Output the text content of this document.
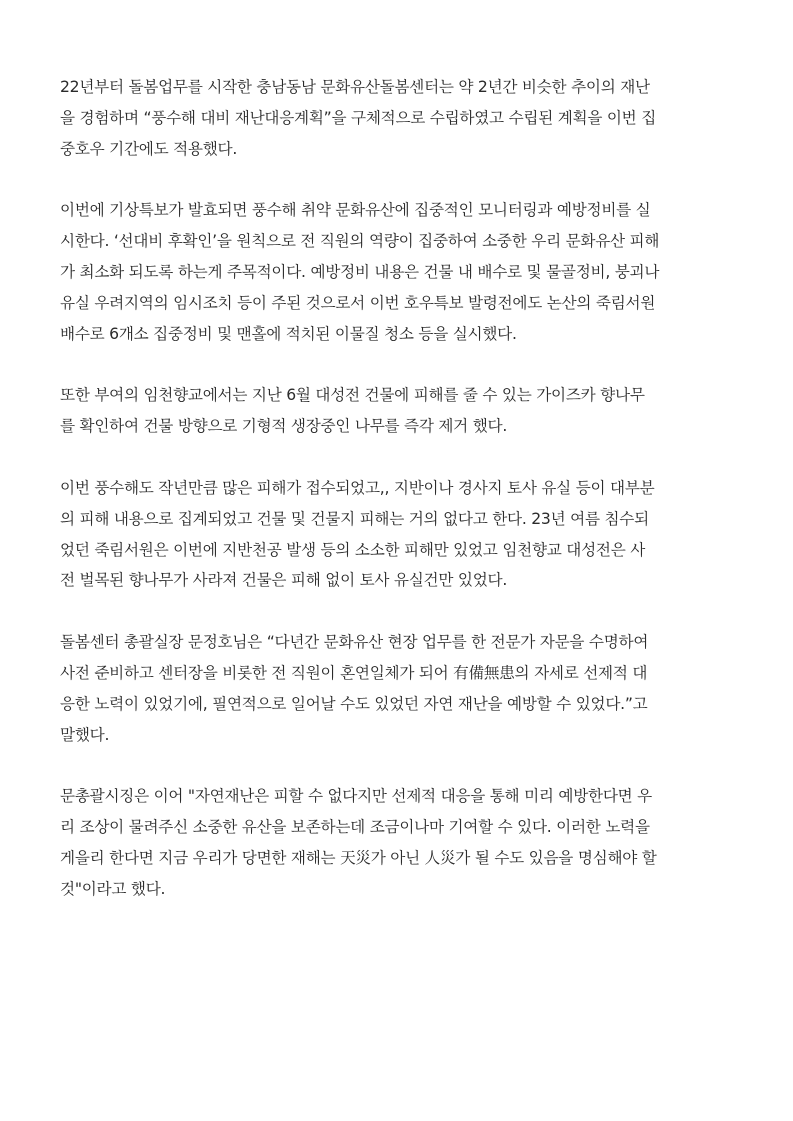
22년부터 돌봄업무를 시작한 충남동남 문화유산돌봄센터는 약 2년간 비슷한 추이의 재난
을 경험하며 “풍수해 대비 재난대응계획”을 구체적으로 수립하였고 수립된 계획을 이번 집
중호우 기간에도 적용했다.

이번에 기상특보가 발효되면 풍수해 취약 문화유산에 집중적인 모니터링과 예방정비를 실
시한다. ‘선대비 후확인’을 원칙으로 전 직원의 역량이 집중하여 소중한 우리 문화유산 피해
가 최소화 되도록 하는게 주목적이다. 예방정비 내용은 건물 내 배수로 및 물골정비, 붕괴나
유실 우려지역의 임시조치 등이 주된 것으로서 이번 호우특보 발령전에도 논산의 죽림서원
배수로 6개소 집중정비 및 맨홀에 적치된 이물질 청소 등을 실시했다.

또한 부여의 임천향교에서는 지난 6월 대성전 건물에 피해를 줄 수 있는 가이즈카 향나무
를 확인하여 건물 방향으로 기형적 생장중인 나무를 즉각 제거 했다.

이번 풍수해도 작년만큼 많은 피해가 접수되었고,, 지반이나 경사지 토사 유실 등이 대부분
의 피해 내용으로 집계되었고 건물 및 건물지 피해는 거의 없다고 한다. 23년 여름 침수되
었던 죽림서원은 이번에 지반천공 발생 등의 소소한 피해만 있었고 임천향교 대성전은 사
전 벌목된 향나무가 사라져 건물은 피해 없이 토사 유실건만 있었다.

돌봄센터 총괄실장 문정호님은 “다년간 문화유산 현장 업무를 한 전문가 자문을 수명하여
사전 준비하고 센터장을 비롯한 전 직원이 혼연일체가 되어 有備無患의 자세로 선제적 대
응한 노력이 있었기에, 필연적으로 일어날 수도 있었던 자연 재난을 예방할 수 있었다.”고
말했다.

문총괄시징은 이어 "자연재난은 피할 수 없다지만 선제적 대응을 통해 미리 예방한다면 우
리 조상이 물려주신 소중한 유산을 보존하는데 조금이나마 기여할 수 있다. 이러한 노력을
게을리 한다면 지금 우리가 당면한 재해는 天災가 아닌 人災가 될 수도 있음을 명심해야 할
것"이라고 했다.
